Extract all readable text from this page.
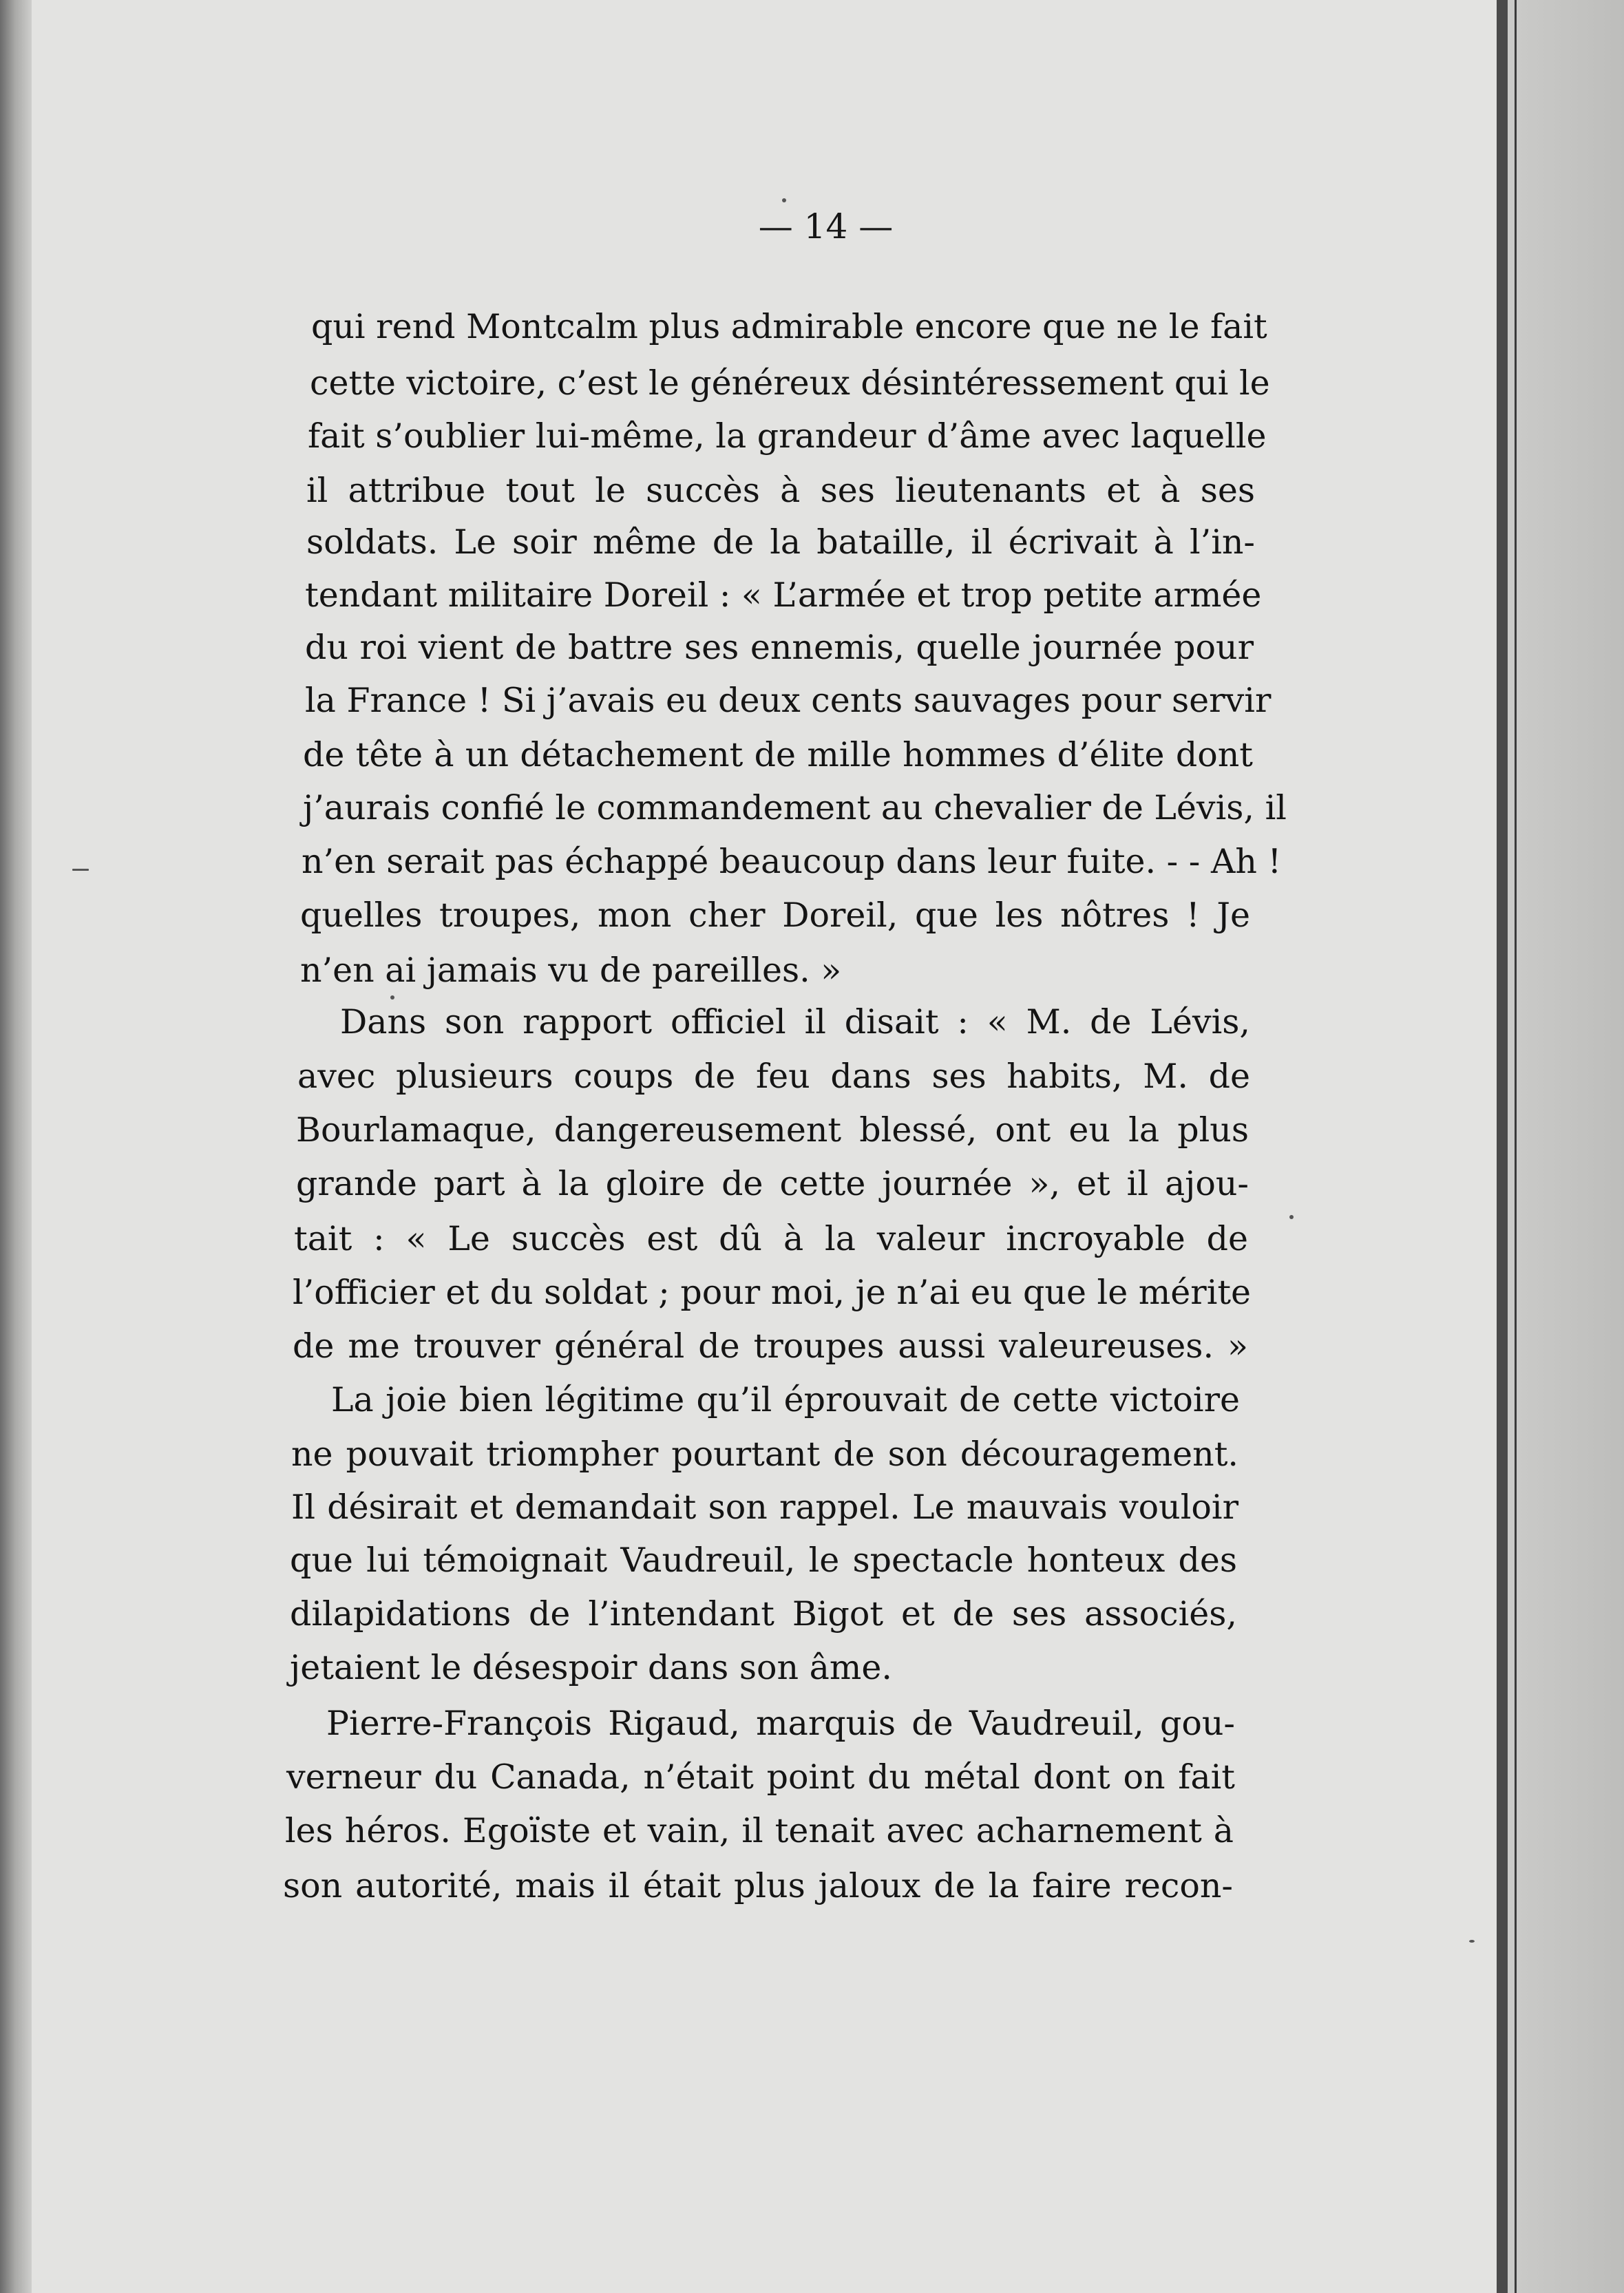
— 14 —
qui rend Montcalm plus admirable encore que ne le fait
cette victoire, c’est le généreux désintéressement qui le
fait s’oublier lui-même, la grandeur d’âme avec laquelle
il attribue tout le succès à ses lieutenants et à ses
soldats. Le soir même de la bataille, il écrivait à l’in-
tendant militaire Doreil : « L’armée et trop petite armée
du roi vient de battre ses ennemis, quelle journée pour
la France ! Si j’avais eu deux cents sauvages pour servir
de tête à un détachement de mille hommes d’élite dont
j’aurais confié le commandement au chevalier de Lévis, il
n’en serait pas échappé beaucoup dans leur fuite. - - Ah !
quelles troupes, mon cher Doreil, que les nôtres ! Je
n’en ai jamais vu de pareilles. »
Dans son rapport officiel il disait : « M. de Lévis,
avec plusieurs coups de feu dans ses habits, M. de
Bourlamaque, dangereusement blessé, ont eu la plus
grande part à la gloire de cette journée », et il ajou-
tait : « Le succès est dû à la valeur incroyable de
l’officier et du soldat ; pour moi, je n’ai eu que le mérite
de me trouver général de troupes aussi valeureuses. »
La joie bien légitime qu’il éprouvait de cette victoire
ne pouvait triompher pourtant de son découragement.
Il désirait et demandait son rappel. Le mauvais vouloir
que lui témoignait Vaudreuil, le spectacle honteux des
dilapidations de l’intendant Bigot et de ses associés,
jetaient le désespoir dans son âme.
Pierre-François Rigaud, marquis de Vaudreuil, gou-
verneur du Canada, n’était point du métal dont on fait
les héros. Egoïste et vain, il tenait avec acharnement à
son autorité, mais il était plus jaloux de la faire recon-
